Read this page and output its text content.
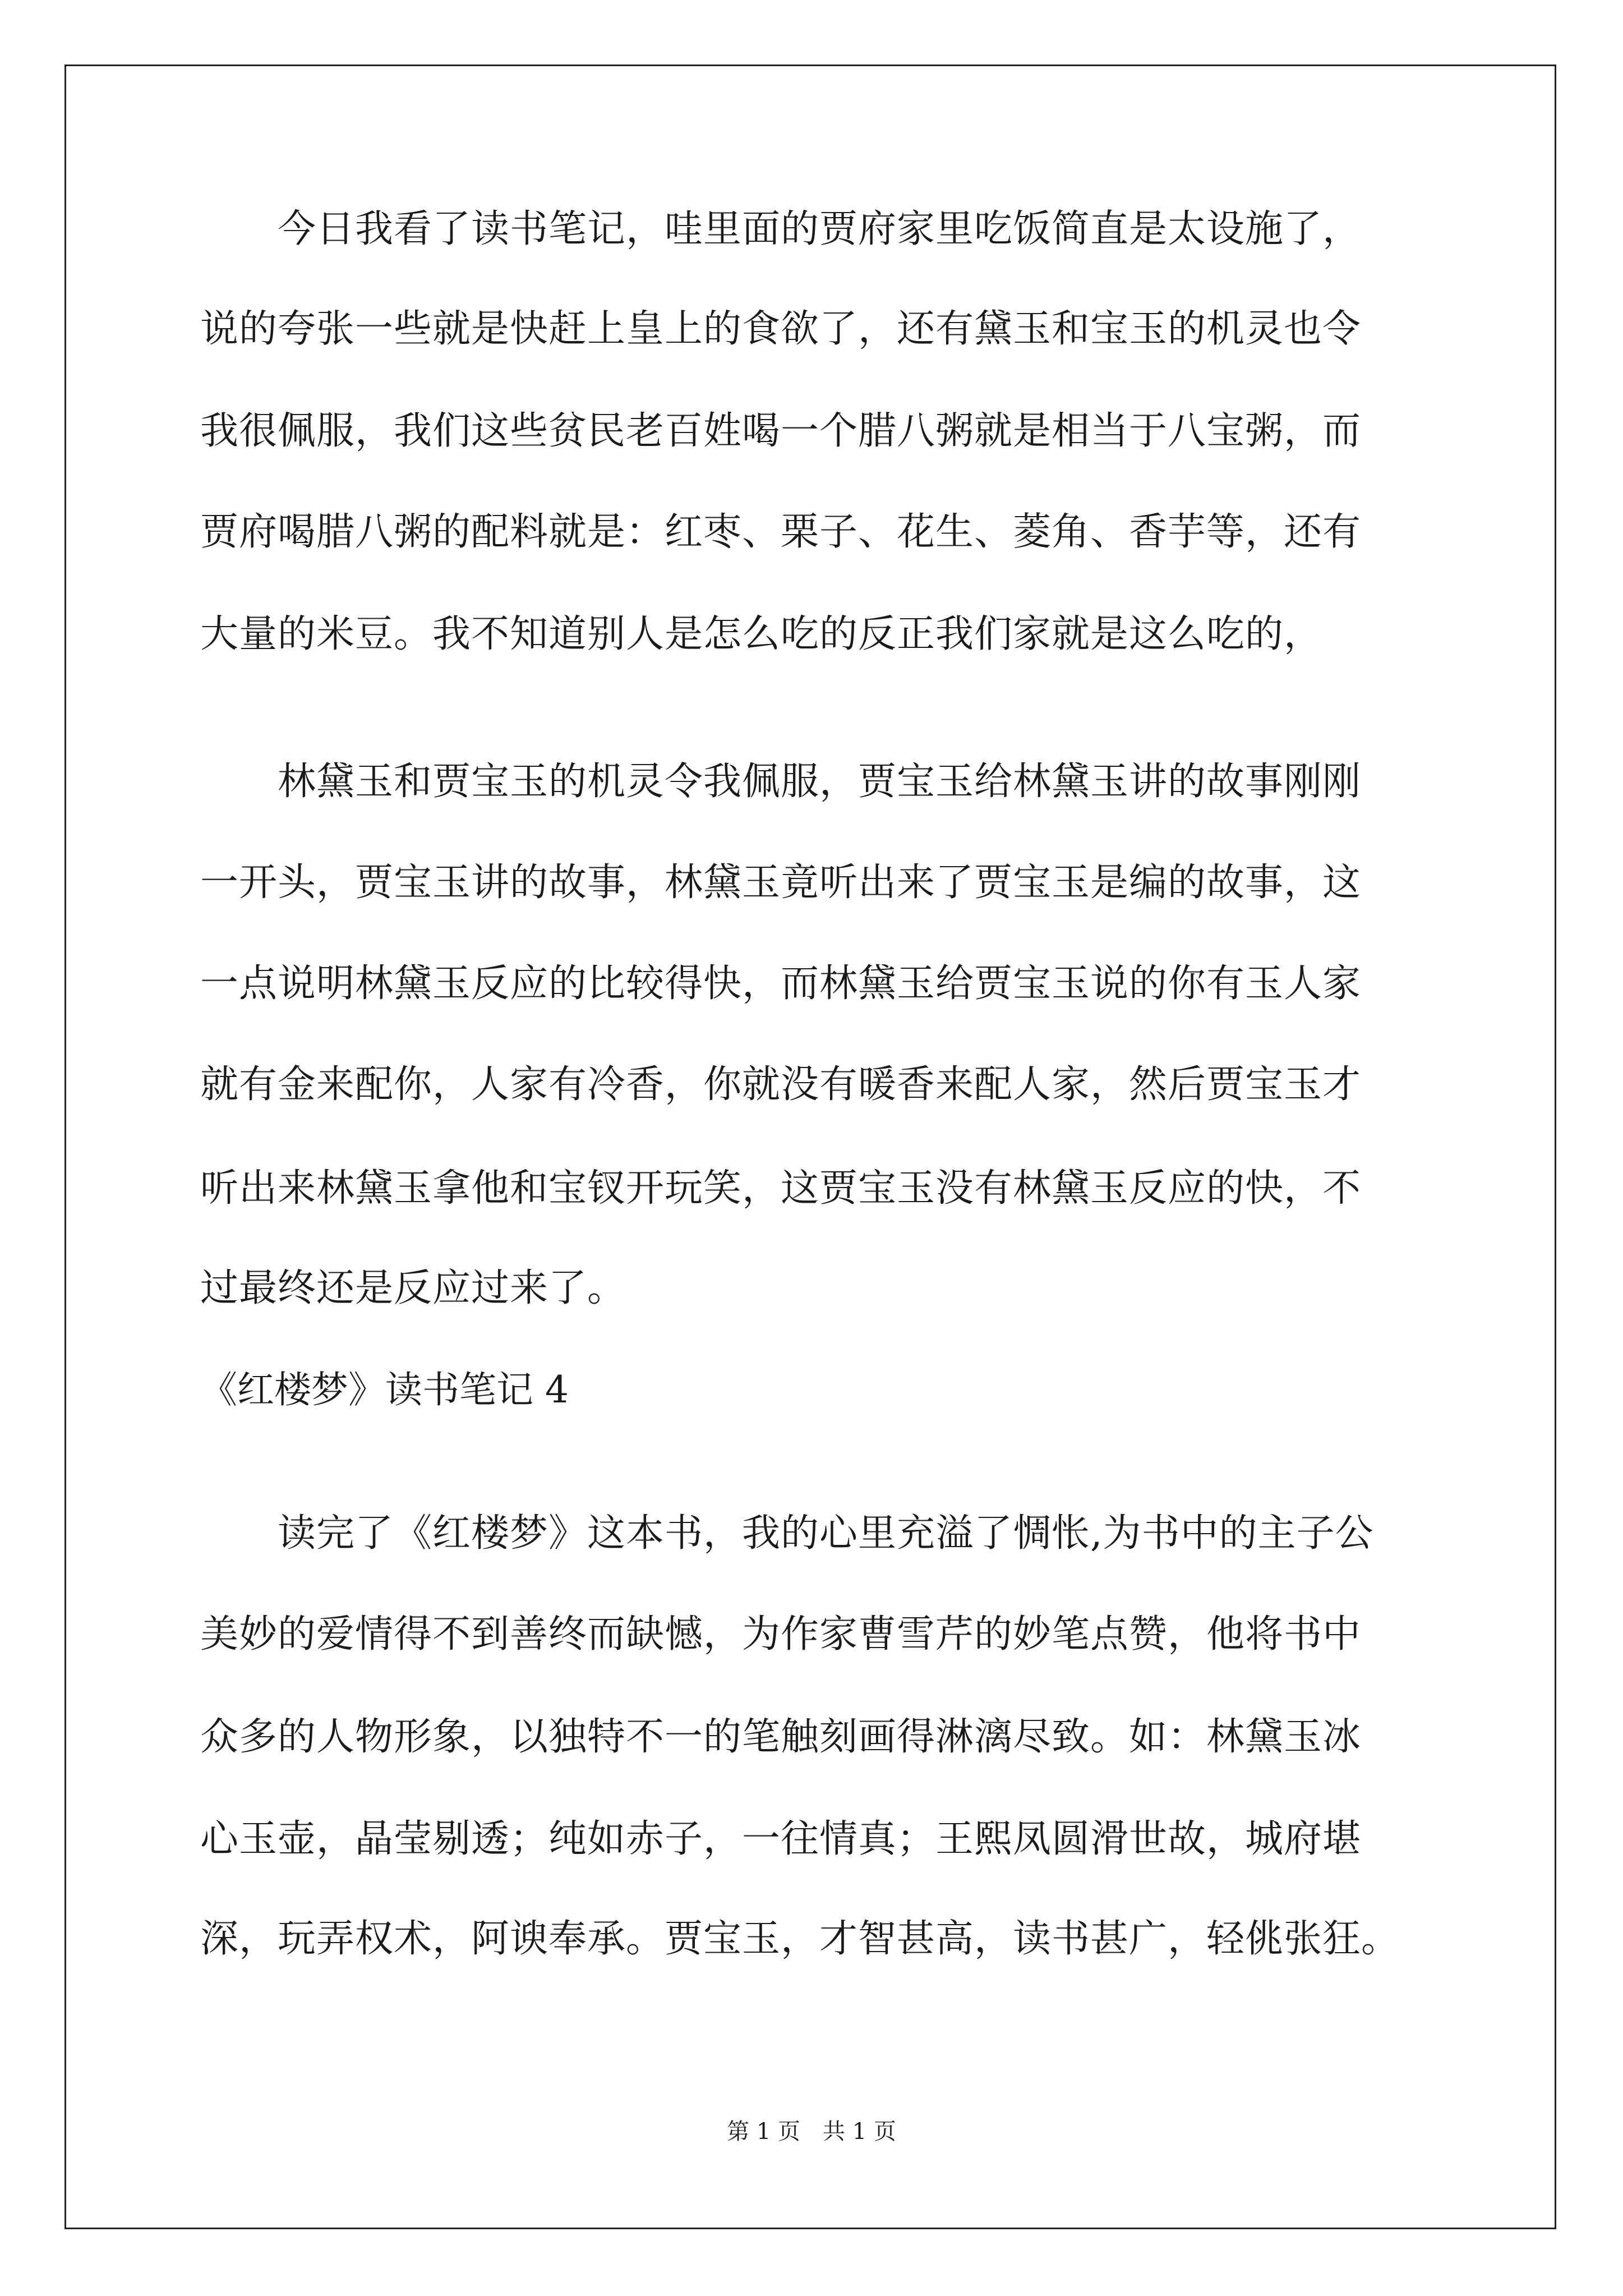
　　今日我看了读书笔记，哇里面的贾府家里吃饭简直是太设施了，
说的夸张一些就是快赶上皇上的食欲了，还有黛玉和宝玉的机灵也令
我很佩服，我们这些贫民老百姓喝一个腊八粥就是相当于八宝粥，而
贾府喝腊八粥的配料就是：红枣、栗子、花生、菱角、香芋等，还有
大量的米豆。我不知道别人是怎么吃的反正我们家就是这么吃的，
　　林黛玉和贾宝玉的机灵令我佩服，贾宝玉给林黛玉讲的故事刚刚
一开头，贾宝玉讲的故事，林黛玉竟听出来了贾宝玉是编的故事，这
一点说明林黛玉反应的比较得快，而林黛玉给贾宝玉说的你有玉人家
就有金来配你，人家有冷香，你就没有暖香来配人家，然后贾宝玉才
听出来林黛玉拿他和宝钗开玩笑，这贾宝玉没有林黛玉反应的快，不
过最终还是反应过来了。
《红楼梦》读书笔记 4
　　读完了《红楼梦》这本书，我的心里充溢了惆怅,为书中的主子公
美妙的爱情得不到善终而缺憾，为作家曹雪芹的妙笔点赞，他将书中
众多的人物形象，以独特不一的笔触刻画得淋漓尽致。如：林黛玉冰
心玉壶，晶莹剔透；纯如赤子，一往情真；王熙凤圆滑世故，城府堪
深，玩弄权术，阿谀奉承。贾宝玉，才智甚高，读书甚广，轻佻张狂。
第 1 页　共 1 页
